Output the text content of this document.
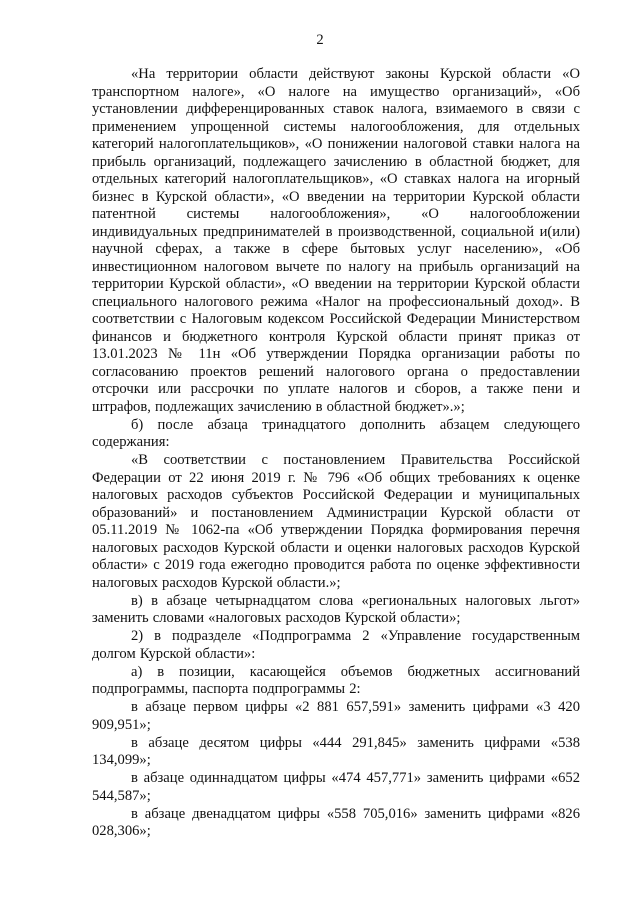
2

«На территории области действуют законы Курской области «О транспортном налоге», «О налоге на имущество организаций», «Об установлении дифференцированных ставок налога, взимаемого в связи с применением упрощенной системы налогообложения, для отдельных категорий налогоплательщиков», «О понижении налоговой ставки налога на прибыль организаций, подлежащего зачислению в областной бюджет, для отдельных категорий налогоплательщиков», «О ставках налога на игорный бизнес в Курской области», «О введении на территории Курской области патентной системы налогообложения», «О налогообложении индивидуальных предпринимателей в производственной, социальной и(или) научной сферах, а также в сфере бытовых услуг населению», «Об инвестиционном налоговом вычете по налогу на прибыль организаций на территории Курской области», «О введении на территории Курской области специального налогового режима «Налог на профессиональный доход». В соответствии с Налоговым кодексом Российской Федерации Министерством финансов и бюджетного контроля Курской области принят приказ от 13.01.2023 № 11н «Об утверждении Порядка организации работы по согласованию проектов решений налогового органа о предоставлении отсрочки или рассрочки по уплате налогов и сборов, а также пени и штрафов, подлежащих зачислению в областной бюджет».»;

б) после абзаца тринадцатого дополнить абзацем следующего содержания:

«В соответствии с постановлением Правительства Российской Федерации от 22 июня 2019 г. № 796 «Об общих требованиях к оценке налоговых расходов субъектов Российской Федерации и муниципальных образований» и постановлением Администрации Курской области от 05.11.2019 № 1062-па «Об утверждении Порядка формирования перечня налоговых расходов Курской области и оценки налоговых расходов Курской области» с 2019 года ежегодно проводится работа по оценке эффективности налоговых расходов Курской области.»;

в) в абзаце четырнадцатом слова «региональных налоговых льгот» заменить словами «налоговых расходов Курской области»;

2) в подразделе «Подпрограмма 2 «Управление государственным долгом Курской области»:

а) в позиции, касающейся объемов бюджетных ассигнований подпрограммы, паспорта подпрограммы 2:

в абзаце первом цифры «2 881 657,591» заменить цифрами «3 420 909,951»;

в абзаце десятом цифры «444 291,845» заменить цифрами «538 134,099»;

в абзаце одиннадцатом цифры «474 457,771» заменить цифрами «652 544,587»;

в абзаце двенадцатом цифры «558 705,016» заменить цифрами «826 028,306»;
